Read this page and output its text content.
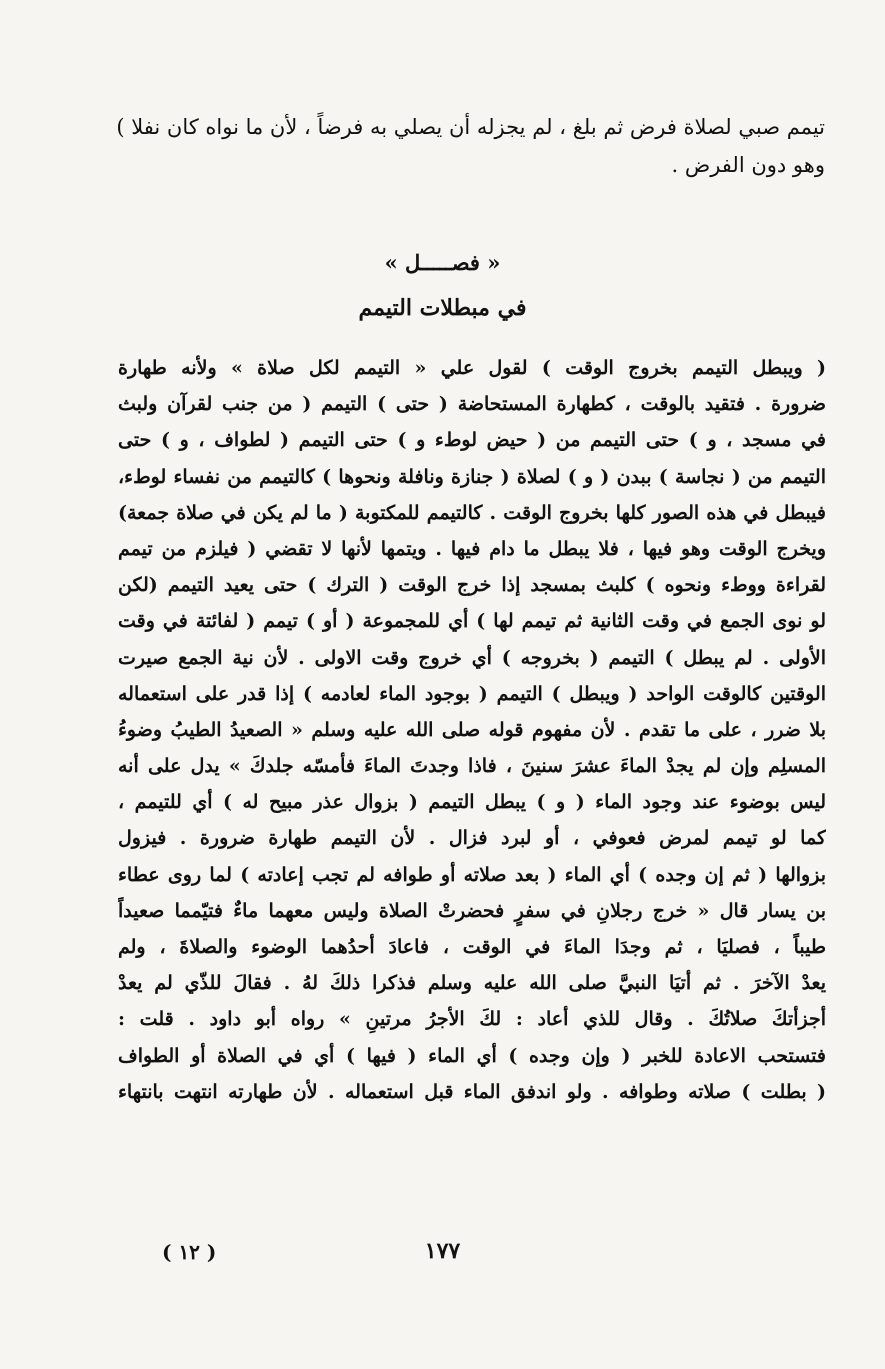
تيمم صبي لصلاة فرض ثم بلغ ، لم يجزله أن يصلي به فرضاً ، لأن ما نواه كان نفلا )
وهو دون الفرض .
« فصـــــل »
في مبطلات التيمم
( ويبطل التيمم بخروج الوقت ) لقول علي « التيمم لكل صلاة » ولأنه طهارة
ضرورة . فتقيد بالوقت ، كطهارة المستحاضة ( حتى ) التيمم ( من جنب لقرآن ولبث
في مسجد ، و ) حتى التيمم من ( حيض لوطء و ) حتى التيمم ( لطواف ، و ) حتى
التيمم من ( نجاسة ) ببدن ( و ) لصلاة ( جنازة ونافلة ونحوها ) كالتيمم من نفساء لوطء،
فيبطل في هذه الصور كلها بخروج الوقت . كالتيمم للمكتوبة ( ما لم يكن في صلاة جمعة)
ويخرج الوقت وهو فيها ، فلا يبطل ما دام فيها . ويتمها لأنها لا تقضي ( فيلزم من تيمم
لقراءة ووطء ونحوه ) كلبث بمسجد إذا خرج الوقت ( الترك ) حتى يعيد التيمم (لكن
لو نوى الجمع في وقت الثانية ثم تيمم لها ) أي للمجموعة ( أو ) تيمم ( لفائتة في وقت
الأولى . لم يبطل ) التيمم ( بخروجه ) أي خروج وقت الاولى . لأن نية الجمع صيرت
الوقتين كالوقت الواحد ( ويبطل ) التيمم ( بوجود الماء لعادمه ) إذا قدر على استعماله
بلا ضرر ، على ما تقدم . لأن مفهوم قوله صلى الله عليه وسلم « الصعيدُ الطيبُ وضوءُ
المسلِم وإن لم يجدْ الماءَ عشرَ سنينَ ، فاذا وجدتَ الماءَ فأمسّه جلدكَ » يدل على أنه
ليس بوضوء عند وجود الماء ( و ) يبطل التيمم ( بزوال عذر مبيح له ) أي للتيمم ،
كما لو تيمم لمرض فعوفي ، أو لبرد فزال . لأن التيمم طهارة ضرورة . فيزول
بزوالها ( ثم إن وجده ) أي الماء ( بعد صلاته أو طوافه لم تجب إعادته ) لما روى عطاء
بن يسار قال « خرج رجلانِ في سفرٍ فحضرتْ الصلاة وليس معهما ماءٌ فتيّمما صعيداً
طيباً ، فصليَا ، ثم وجدَا الماءَ في الوقت ، فاعادَ أحدُهما الوضوء والصلاةَ ، ولم
يعدْ الآخرَ . ثم أتيَا النبيَّ صلى الله عليه وسلم فذكرا ذلكَ لهُ . فقالَ للذّي لم يعدْ
أجزأتكَ صلاتُكَ . وقال للذي أعاد : لكَ الأجرُ مرتينِ » رواه أبو داود . قلت :
فتستحب الاعادة للخبر ( وإن وجده ) أي الماء ( فيها ) أي في الصلاة أو الطواف
( بطلت ) صلاته وطوافه . ولو اندفق الماء قبل استعماله . لأن طهارته انتهت بانتهاء
١٧٧
( ١٢ )
